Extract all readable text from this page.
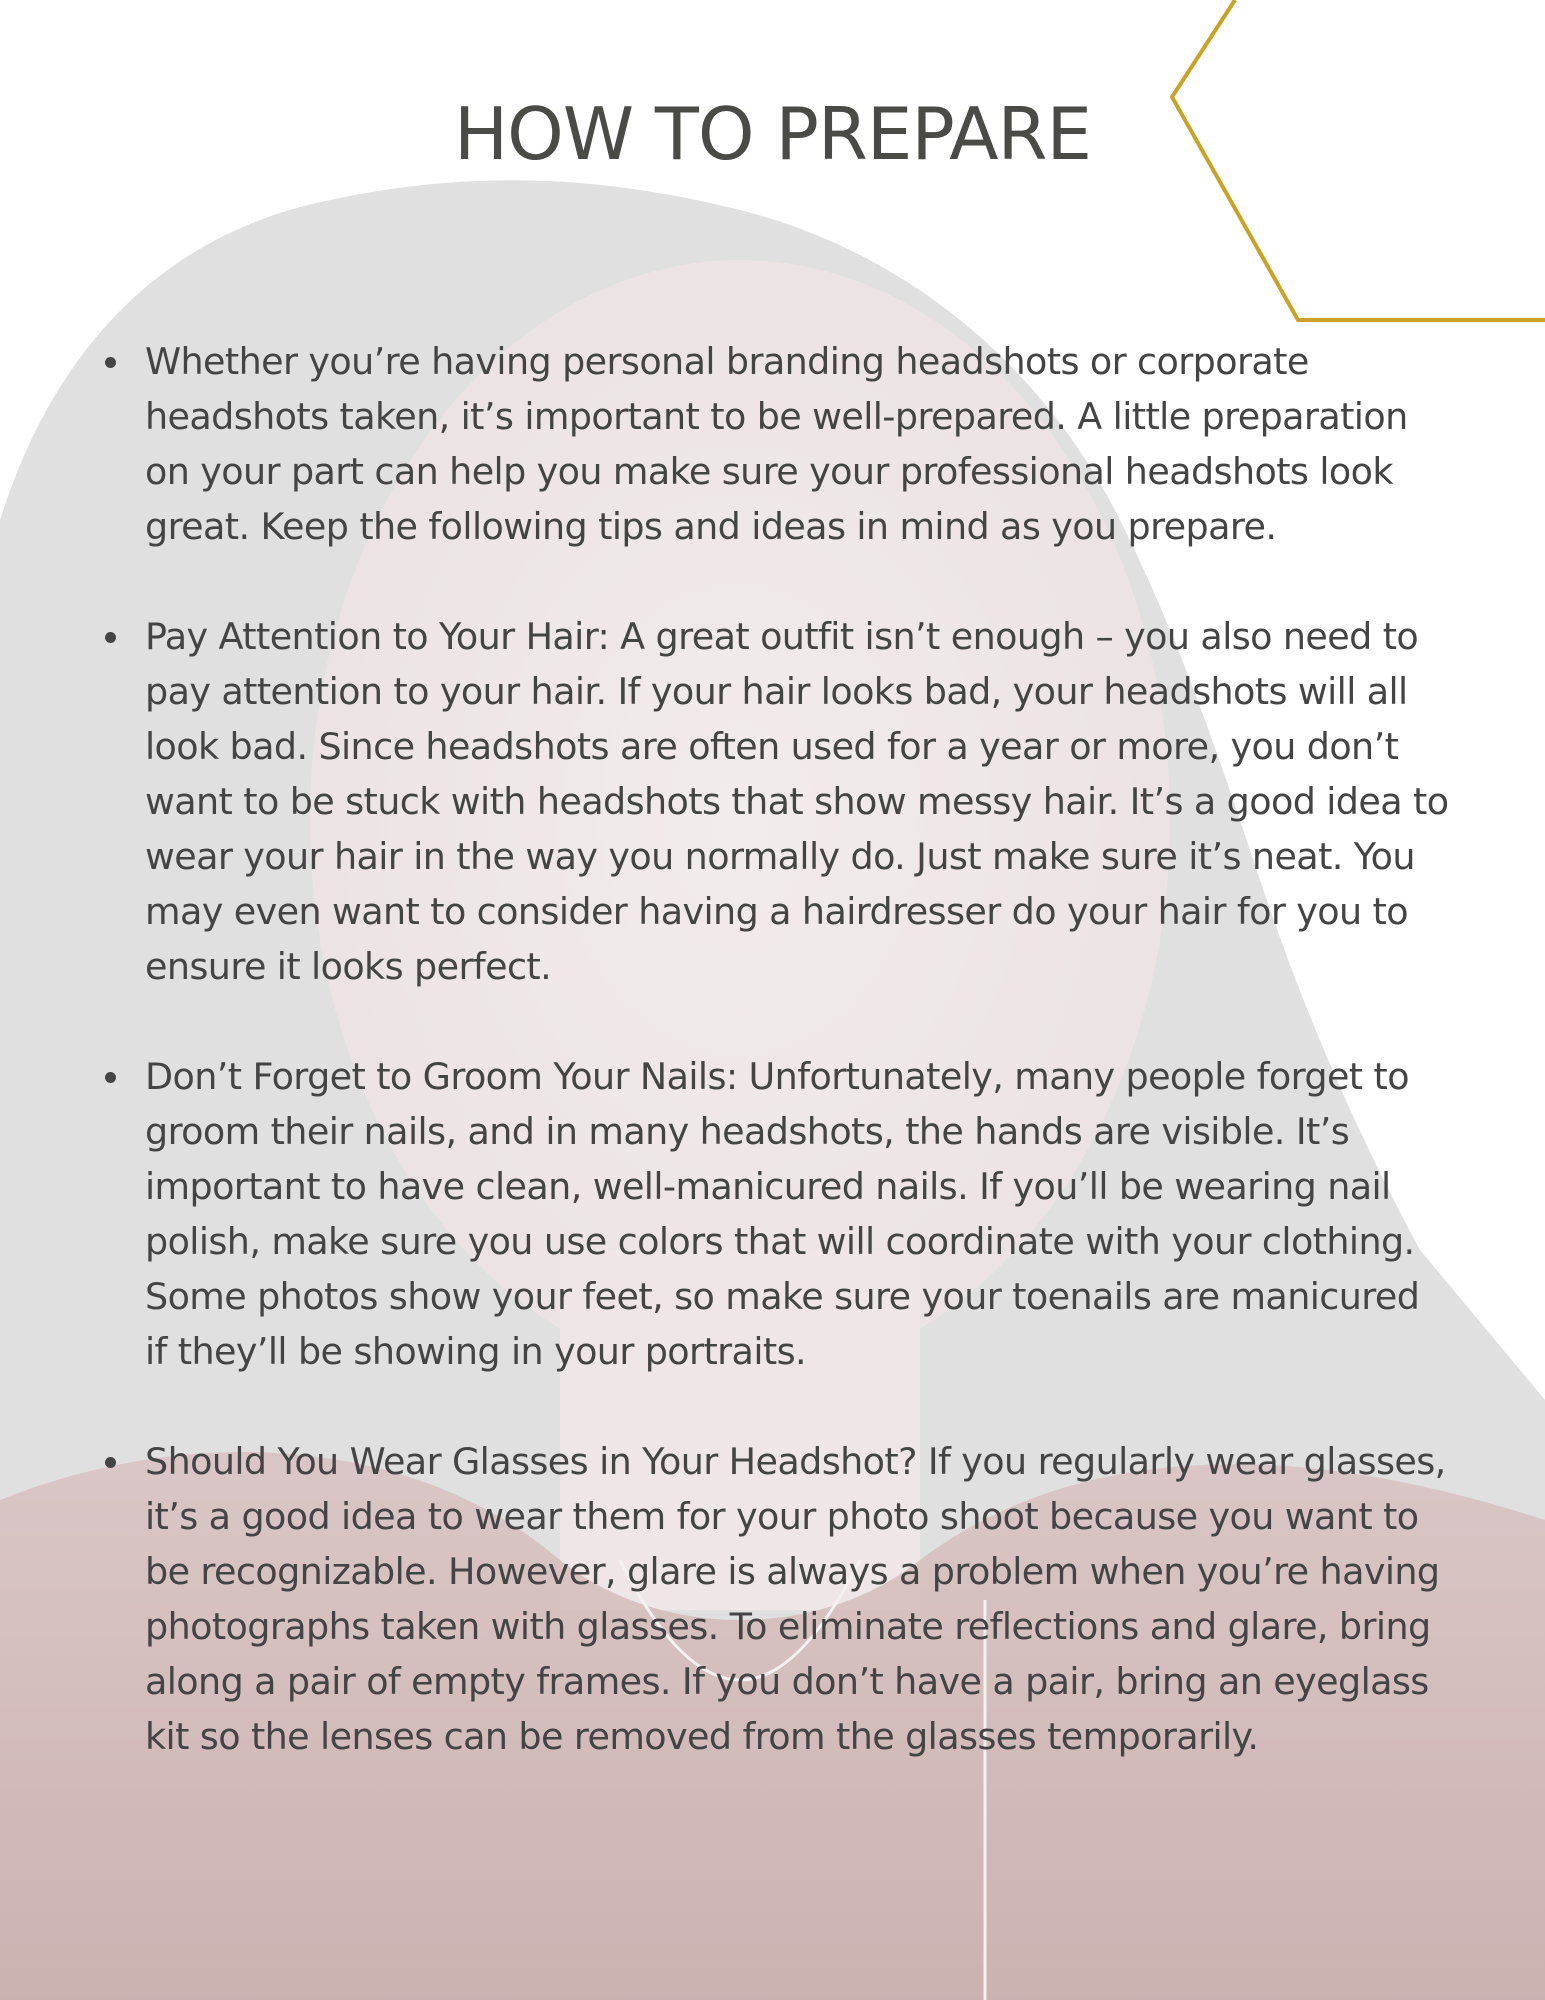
HOW TO PREPARE
Whether you’re having personal branding headshots or corporate headshots taken, it’s important to be well-prepared. A little preparation on your part can help you make sure your professional headshots look great. Keep the following tips and ideas in mind as you prepare.
Pay Attention to Your Hair: A great outfit isn’t enough – you also need to pay attention to your hair. If your hair looks bad, your headshots will all look bad. Since headshots are often used for a year or more, you don’t want to be stuck with headshots that show messy hair. It’s a good idea to wear your hair in the way you normally do. Just make sure it’s neat. You may even want to consider having a hairdresser do your hair for you to ensure it looks perfect.
Don’t Forget to Groom Your Nails: Unfortunately, many people forget to groom their nails, and in many headshots, the hands are visible. It’s important to have clean, well-manicured nails. If you’ll be wearing nail polish, make sure you use colors that will coordinate with your clothing. Some photos show your feet, so make sure your toenails are manicured if they’ll be showing in your portraits.
Should You Wear Glasses in Your Headshot? If you regularly wear glasses, it’s a good idea to wear them for your photo shoot because you want to be recognizable. However, glare is always a problem when you’re having photographs taken with glasses. To eliminate reflections and glare, bring along a pair of empty frames. If you don’t have a pair, bring an eyeglass kit so the lenses can be removed from the glasses temporarily.
